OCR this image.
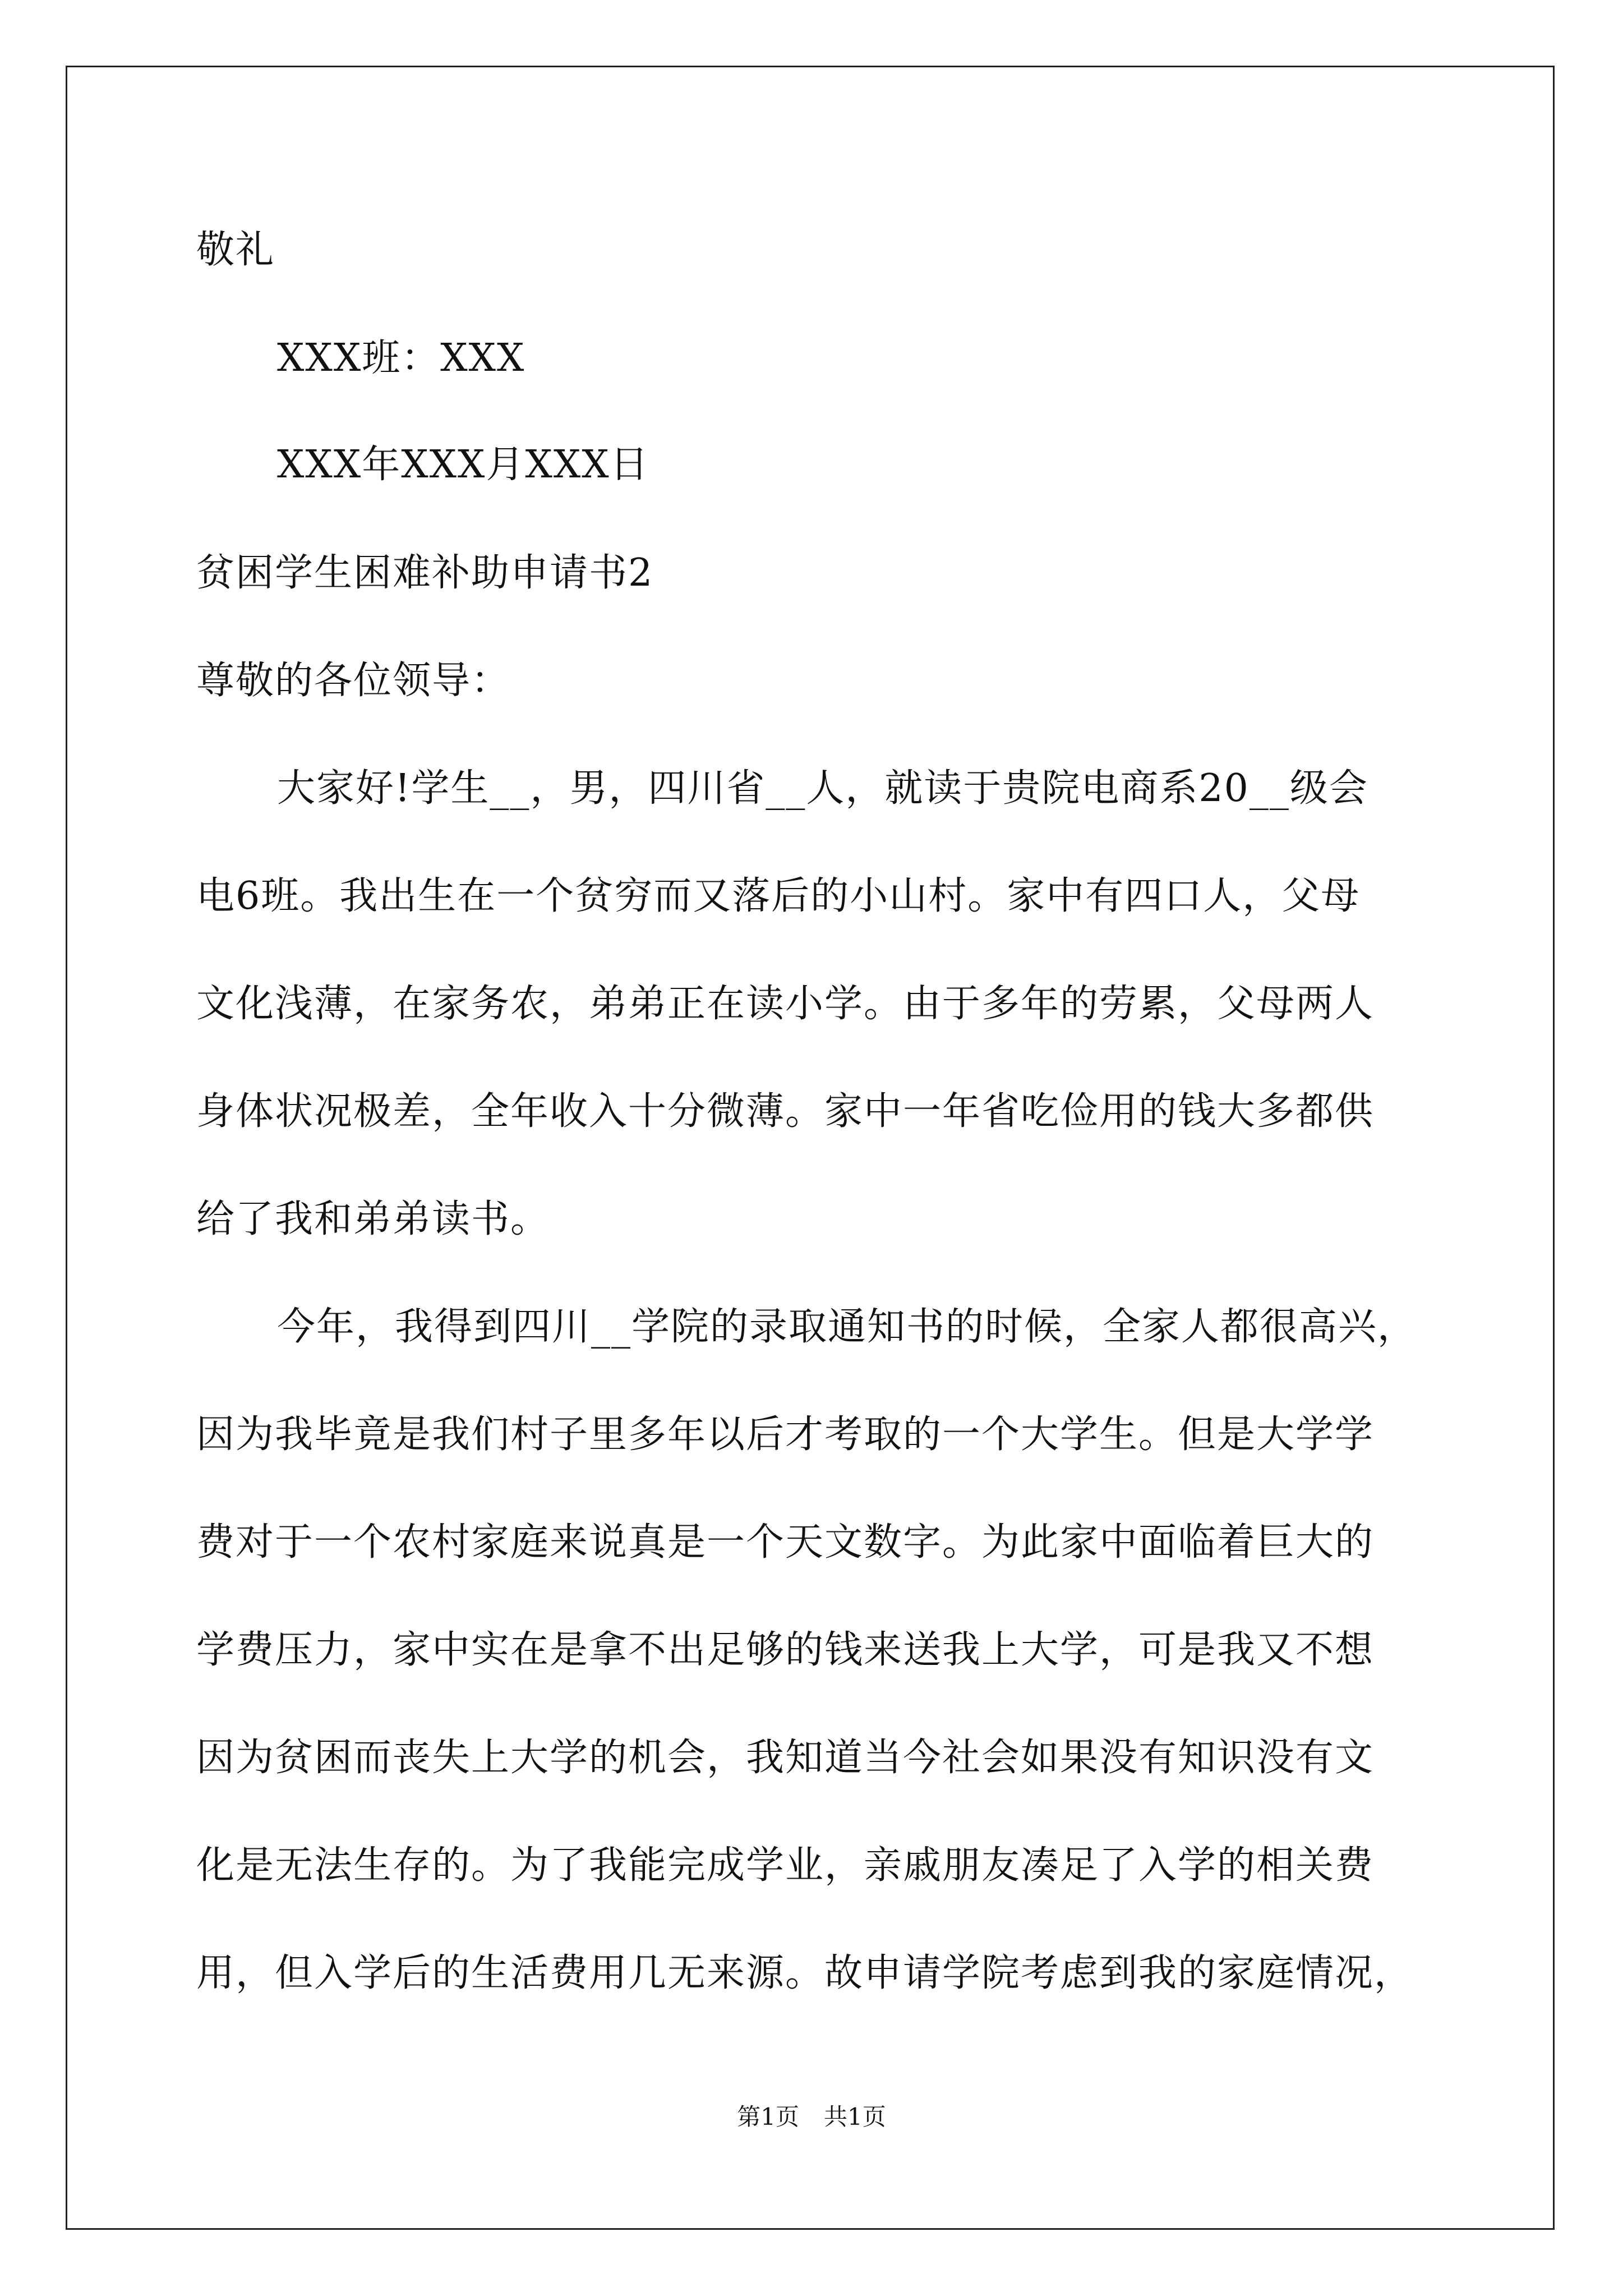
敬礼

XXX班：XXX

XXX年XXX月XXX日

贫困学生困难补助申请书2

尊敬的各位领导：

大家好!学生__，男，四川省__人，就读于贵院电商系20__级会

电6班。我出生在一个贫穷而又落后的小山村。家中有四口人，父母

文化浅薄，在家务农，弟弟正在读小学。由于多年的劳累，父母两人

身体状况极差，全年收入十分微薄。家中一年省吃俭用的钱大多都供

给了我和弟弟读书。

今年，我得到四川__学院的录取通知书的时候，全家人都很高兴，

因为我毕竟是我们村子里多年以后才考取的一个大学生。但是大学学

费对于一个农村家庭来说真是一个天文数字。为此家中面临着巨大的

学费压力，家中实在是拿不出足够的钱来送我上大学，可是我又不想

因为贫困而丧失上大学的机会，我知道当今社会如果没有知识没有文

化是无法生存的。为了我能完成学业，亲戚朋友凑足了入学的相关费

用，但入学后的生活费用几无来源。故申请学院考虑到我的家庭情况，

第1页 共1页
